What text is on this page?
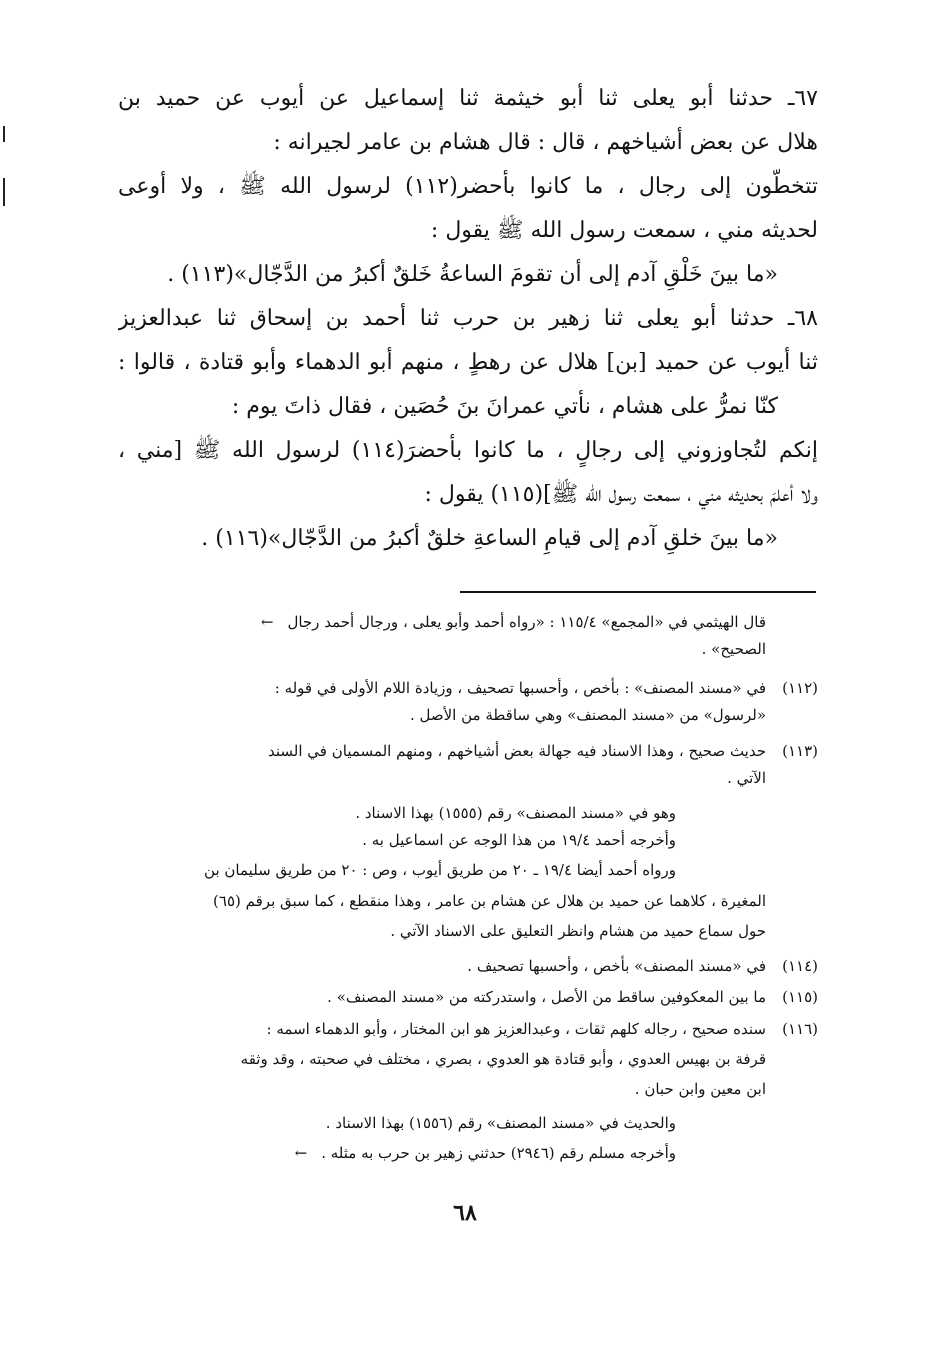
٦٧ـ حدثنا أبو يعلى ثنا أبو خيثمة ثنا إسماعيل عن أيوب عن حميد بن
هلال عن بعض أشياخهم ، قال : قال هشام بن عامر لجيرانه :
تتخطّون إلى رجال ، ما كانوا بأحضر(١١٢) لرسول الله ﷺ ، ولا أوعى
لحديثه مني ، سمعت رسول الله ﷺ يقول :
«ما بينَ خَلْقِ آدم إلى أن تقومَ الساعةُ خَلقٌ أكبرُ من الدَّجّال»(١١٣) .
٦٨ـ حدثنا أبو يعلى ثنا زهير بن حرب ثنا أحمد بن إسحاق ثنا عبدالعزيز
ثنا أيوب عن حميد [بن] هلال عن رهطٍ ، منهم أبو الدهماء وأبو قتادة ، قالوا :
كنّا نمرُّ على هشام ، نأتي عمرانَ بنَ حُصَين ، فقال ذاتَ يوم :
إنكم لتُجاوزوني إلى رجالٍ ، ما كانوا بأحضرَ(١١٤) لرسول الله ﷺ [مني ،
ولا أعلمَ بحديثه مني ، سمعت رسول الله ﷺ](١١٥) يقول :
«ما بينَ خلقِ آدم إلى قيامِ الساعةِ خلقٌ أكبرُ من الدَّجّال»(١١٦) .
قال الهيثمي في «المجمع» ١١٥/٤ : «رواه أحمد وأبو يعلى ، ورجال أحمد رجال←
الصحيح» .
(١١٢)في «مسند المصنف» : بأخص ، وأحسبها تصحيف ، وزيادة اللام الأولى في قوله :
«لرسول» من «مسند المصنف» وهي ساقطة من الأصل .
(١١٣)حديث صحيح ، وهذا الاسناد فيه جهالة بعض أشياخهم ، ومنهم المسميان في السند
الآتي .
وهو في «مسند المصنف» رقم (١٥٥٥) بهذا الاسناد .
وأخرجه أحمد ١٩/٤ من هذا الوجه عن اسماعيل به .
ورواه أحمد أيضا ١٩/٤ ـ ٢٠ من طريق أيوب ، وص : ٢٠ من طريق سليمان بن
المغيرة ، كلاهما عن حميد بن هلال عن هشام بن عامر ، وهذا منقطع ، كما سبق برقم (٦٥)
حول سماع حميد من هشام وانظر التعليق على الاسناد الآتي .
(١١٤)في «مسند المصنف» بأخص ، وأحسبها تصحيف .
(١١٥)ما بين المعكوفين ساقط من الأصل ، واستدركته من «مسند المصنف» .
(١١٦)سنده صحيح ، رجاله كلهم ثقات ، وعبدالعزيز هو ابن المختار ، وأبو الدهماء اسمه :
قرفة بن بهيس العدوي ، وأبو قتادة هو العدوي ، بصري ، مختلف في صحبته ، وقد وثقه
ابن معين وابن حبان .
والحديث في «مسند المصنف» رقم (١٥٥٦) بهذا الاسناد .
وأخرجه مسلم رقم (٢٩٤٦) حدثني زهير بن حرب به مثله .←
٦٨
